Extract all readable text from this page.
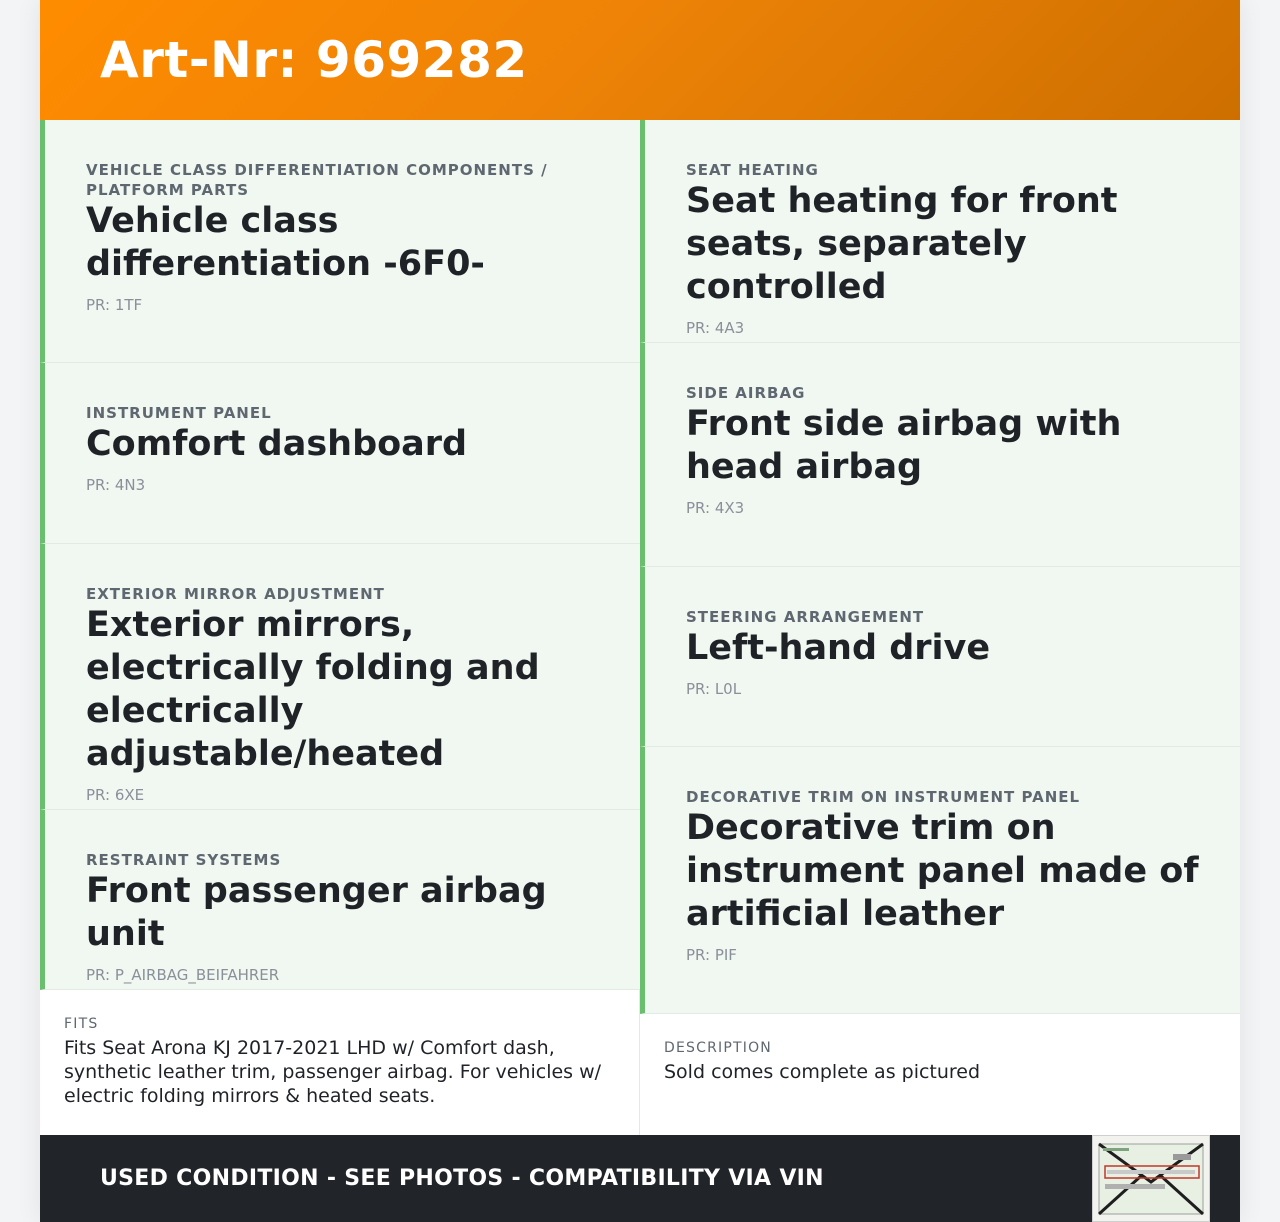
Art-Nr: 969282
VEHICLE CLASS DIFFERENTIATION COMPONENTS / PLATFORM PARTS
Vehicle class differentiation -6F0-
PR: 1TF
INSTRUMENT PANEL
Comfort dashboard
PR: 4N3
EXTERIOR MIRROR ADJUSTMENT
Exterior mirrors, electrically folding and electrically adjustable/heated
PR: 6XE
RESTRAINT SYSTEMS
Front passenger airbag unit
PR: P_AIRBAG_BEIFAHRER
FITS
Fits Seat Arona KJ 2017-2021 LHD w/ Comfort dash, synthetic leather trim, passenger airbag. For vehicles w/ electric folding mirrors & heated seats.
SEAT HEATING
Seat heating for front seats, separately controlled
PR: 4A3
SIDE AIRBAG
Front side airbag with head airbag
PR: 4X3
STEERING ARRANGEMENT
Left-hand drive
PR: L0L
DECORATIVE TRIM ON INSTRUMENT PANEL
Decorative trim on instrument panel made of artificial leather
PR: PIF
DESCRIPTION
Sold comes complete as pictured
USED CONDITION - SEE PHOTOS - COMPATIBILITY VIA VIN
